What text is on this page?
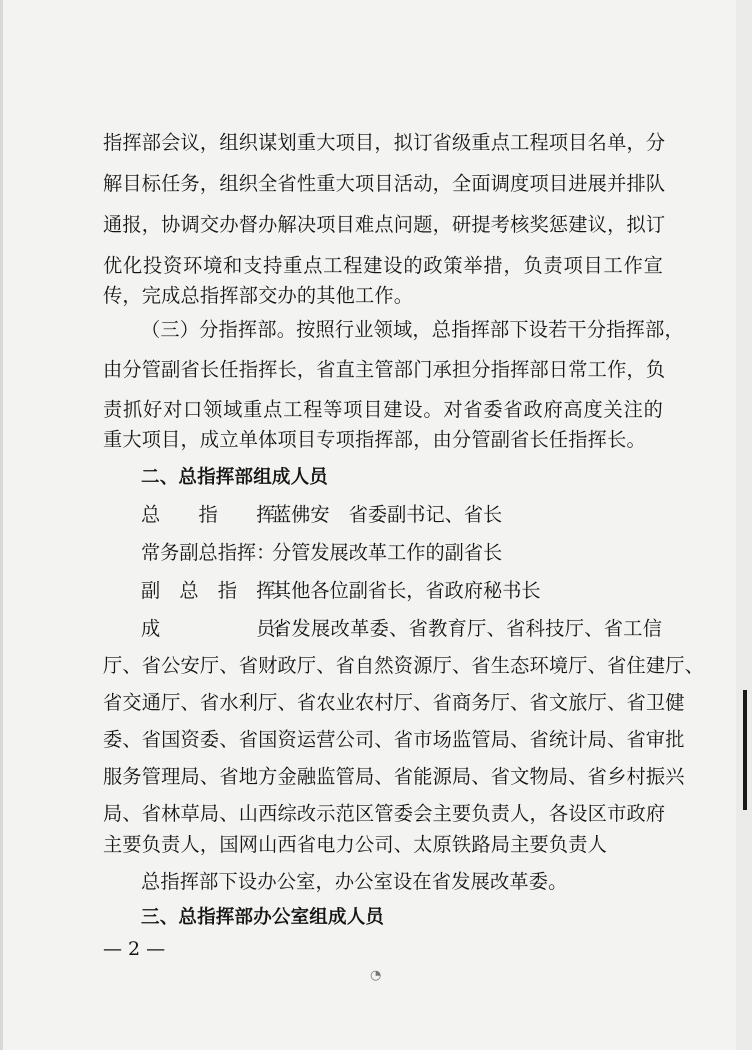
指挥部会议，组织谋划重大项目，拟订省级重点工程项目名单，分
解目标任务，组织全省性重大项目活动，全面调度项目进展并排队
通报，协调交办督办解决项目难点问题，研提考核奖惩建议，拟订
优化投资环境和支持重点工程建设的政策举措，负责项目工作宣
传，完成总指挥部交办的其他工作。
（三）分指挥部。按照行业领域，总指挥部下设若干分指挥部，
由分管副省长任指挥长，省直主管部门承担分指挥部日常工作，负
责抓好对口领域重点工程等项目建设。对省委省政府高度关注的
重大项目，成立单体项目专项指挥部，由分管副省长任指挥长。
二、总指挥部组成人员
总　　指　　挥：
蓝佛安　省委副书记、省长
常务副总指挥：
分管发展改革工作的副省长
副　总　指　挥：
其他各位副省长，省政府秘书长
成　　　　　员：
省发展改革委、省教育厅、省科技厅、省工信
厅、省公安厅、省财政厅、省自然资源厅、省生态环境厅、省住建厅、
省交通厅、省水利厅、省农业农村厅、省商务厅、省文旅厅、省卫健
委、省国资委、省国资运营公司、省市场监管局、省统计局、省审批
服务管理局、省地方金融监管局、省能源局、省文物局、省乡村振兴
局、省林草局、山西综改示范区管委会主要负责人，各设区市政府
主要负责人，国网山西省电力公司、太原铁路局主要负责人
总指挥部下设办公室，办公室设在省发展改革委。
三、总指挥部办公室组成人员
— 2 —
◔
